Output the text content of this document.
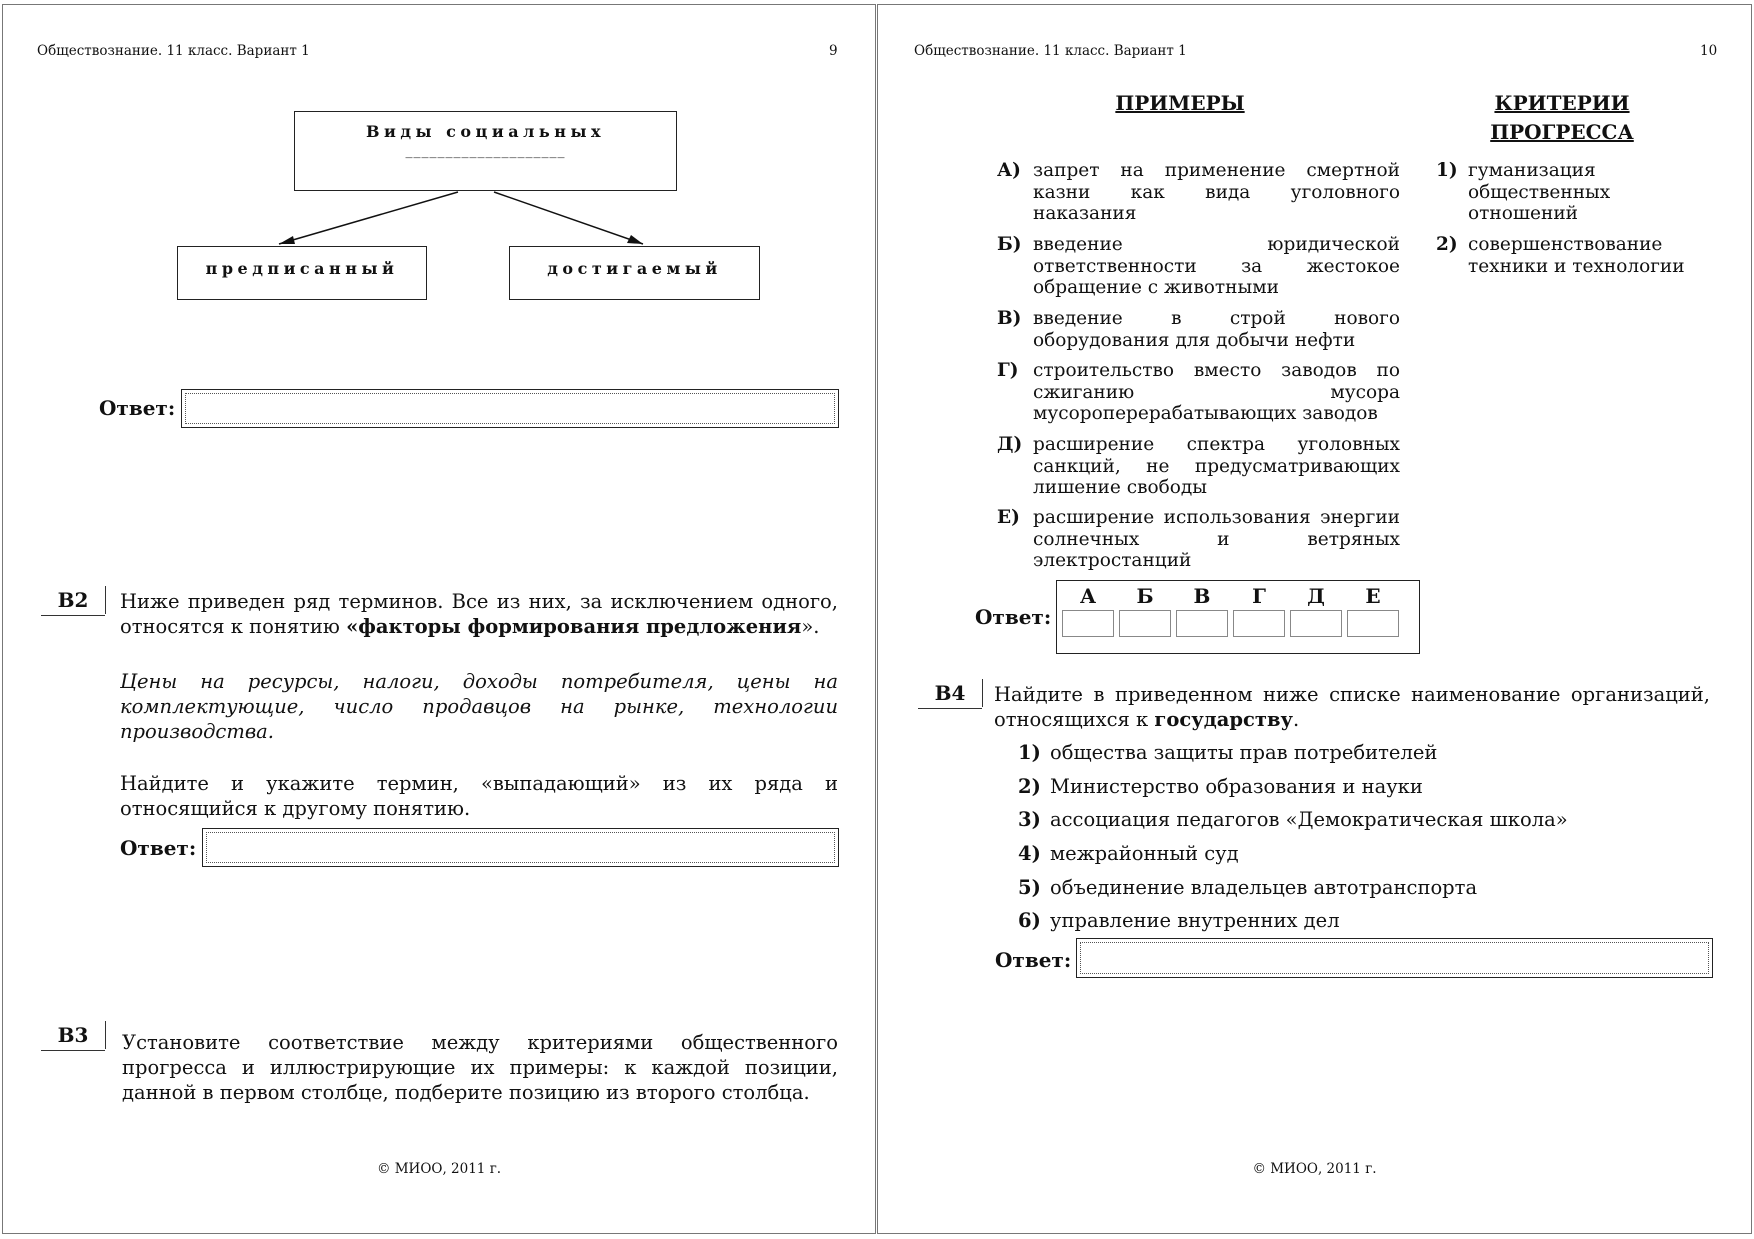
Обществознание. 11 класс. Вариант 1	9
Виды социальных
____________________
предписанный	достигаемый
Ответ:
В2	Ниже приведен ряд терминов. Все из них, за исключением одного, относятся к понятию «факторы формирования предложения».
Цены на ресурсы, налоги, доходы потребителя, цены на комплектующие, число продавцов на рынке, технологии производства.
Найдите и укажите термин, «выпадающий» из их ряда и относящийся к другому понятию.
Ответ:
В3	Установите соответствие между критериями общественного прогресса и иллюстрирующие их примеры: к каждой позиции, данной в первом столбце, подберите позицию из второго столбца.
© МИОО, 2011 г.
Обществознание. 11 класс. Вариант 1	10
ПРИМЕРЫ	КРИТЕРИИ
ПРОГРЕССА
А) запрет на применение смертной казни как вида уголовного наказания
Б) введение юридической ответственности за жестокое обращение с животными
В) введение в строй нового оборудования для добычи нефти
Г) строительство вместо заводов по сжиганию мусора мусороперерабатывающих заводов
Д) расширение спектра уголовных санкций, не предусматривающих лишение свободы
Е) расширение использования энергии солнечных и ветряных электростанций
1) гуманизация общественных отношений
2) совершенствование техники и технологии
Ответ:
А	Б	В	Г	Д	Е

В4	Найдите в приведенном ниже списке наименование организаций, относящихся к государству.
1) общества защиты прав потребителей
2) Министерство образования и науки
3) ассоциация педагогов «Демократическая школа»
4) межрайонный суд
5) объединение владельцев автотранспорта
6) управление внутренних дел
Ответ:
© МИОО, 2011 г.
